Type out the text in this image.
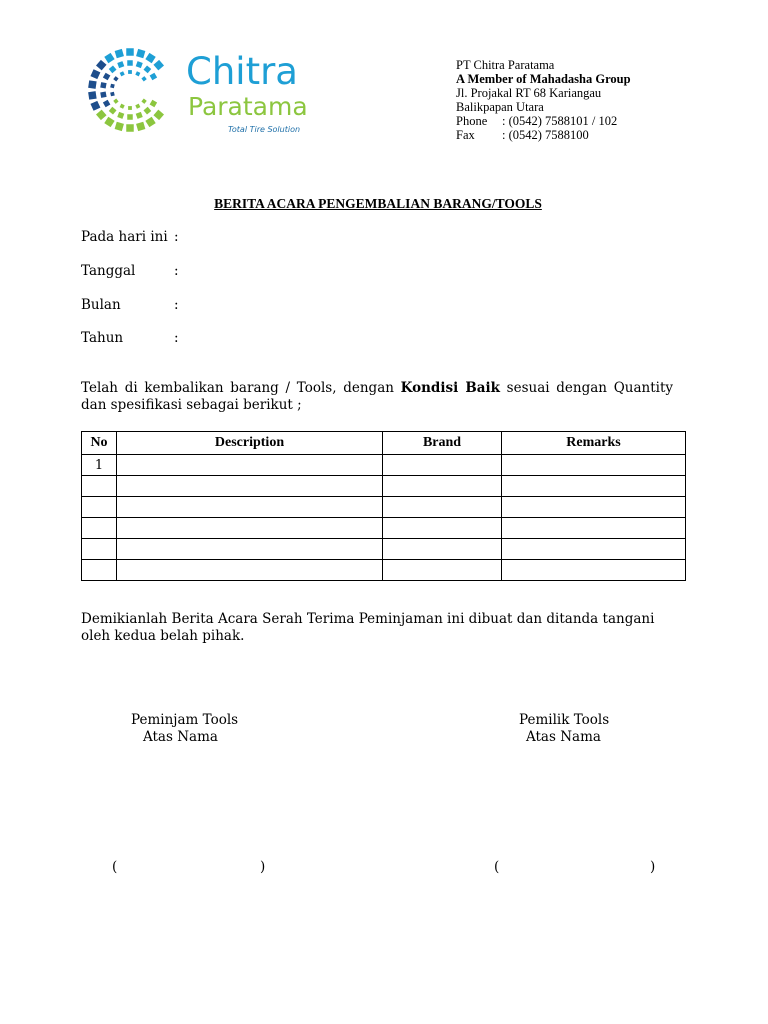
Chitra
Paratama
Total Tire Solution
PT Chitra Paratama
A Member of Mahadasha Group
Jl. Projakal RT 68 Kariangau
Balikpapan Utara
Phone : (0542) 7588101 / 102
Fax : (0542) 7588100
BERITA ACARA PENGEMBALIAN BARANG/TOOLS
Pada hari ini :
Tanggal	:
Bulan	:
Tahun	:
Telah di kembalikan barang / Tools, dengan Kondisi Baik sesuai dengan Quantity dan spesifikasi sebagai berikut ;
No	Description	Brand	Remarks
1			

Demikianlah Berita Acara Serah Terima Peminjaman ini dibuat dan ditanda tangani oleh kedua belah pihak.
Peminjam Tools
Atas Nama
Pemilik Tools
Atas Nama
(	)	(	)
